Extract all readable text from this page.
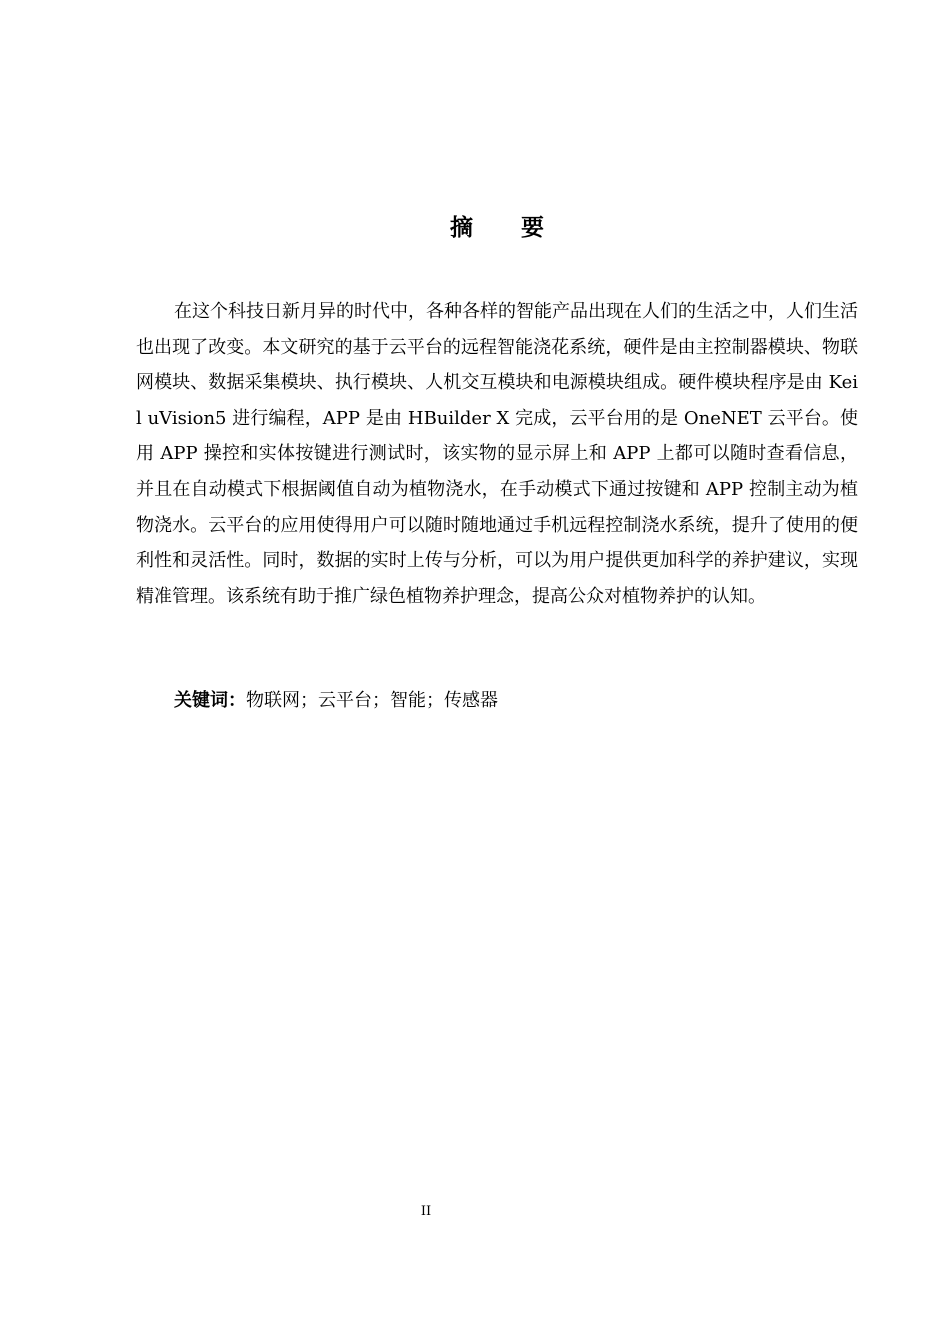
摘 要

在这个科技日新月异的时代中，各种各样的智能产品出现在人们的生活之中，人们生活也出现了改变。本文研究的基于云平台的远程智能浇花系统，硬件是由主控制器模块、物联网模块、数据采集模块、执行模块、人机交互模块和电源模块组成。硬件模块程序是由 Keil uVision5 进行编程，APP 是由 HBuilder X 完成，云平台用的是 OneNET 云平台。使用 APP 操控和实体按键进行测试时，该实物的显示屏上和 APP 上都可以随时查看信息，并且在自动模式下根据阈值自动为植物浇水，在手动模式下通过按键和 APP 控制主动为植物浇水。云平台的应用使得用户可以随时随地通过手机远程控制浇水系统，提升了使用的便利性和灵活性。同时，数据的实时上传与分析，可以为用户提供更加科学的养护建议，实现精准管理。该系统有助于推广绿色植物养护理念，提高公众对植物养护的认知。

关键词：物联网；云平台；智能；传感器

II
